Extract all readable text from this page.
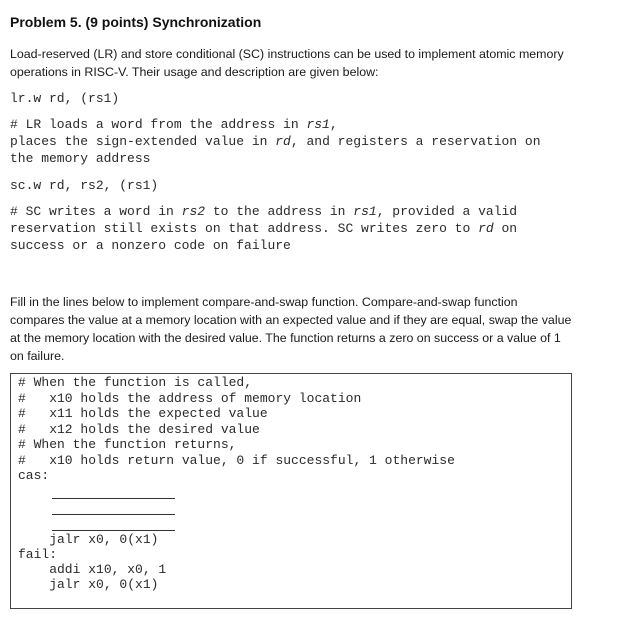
Problem 5. (9 points) Synchronization
Load-reserved (LR) and store conditional (SC) instructions can be used to implement atomic memory
operations in RISC-V. Their usage and description are given below:
lr.w rd, (rs1)
# LR loads a word from the address in rs1,
places the sign-extended value in rd, and registers a reservation on
the memory address
sc.w rd, rs2, (rs1)
# SC writes a word in rs2 to the address in rs1, provided a valid
reservation still exists on that address. SC writes zero to rd on
success or a nonzero code on failure
Fill in the lines below to implement compare-and-swap function. Compare-and-swap function
compares the value at a memory location with an expected value and if they are equal, swap the value
at the memory location with the desired value. The function returns a zero on success or a value of 1
on failure.
# When the function is called,
#   x10 holds the address of memory location
#   x11 holds the expected value
#   x12 holds the desired value
# When the function returns,
#   x10 holds return value, 0 if successful, 1 otherwise
cas:
jalr x0, 0(x1)
fail:
addi x10, x0, 1
jalr x0, 0(x1)
